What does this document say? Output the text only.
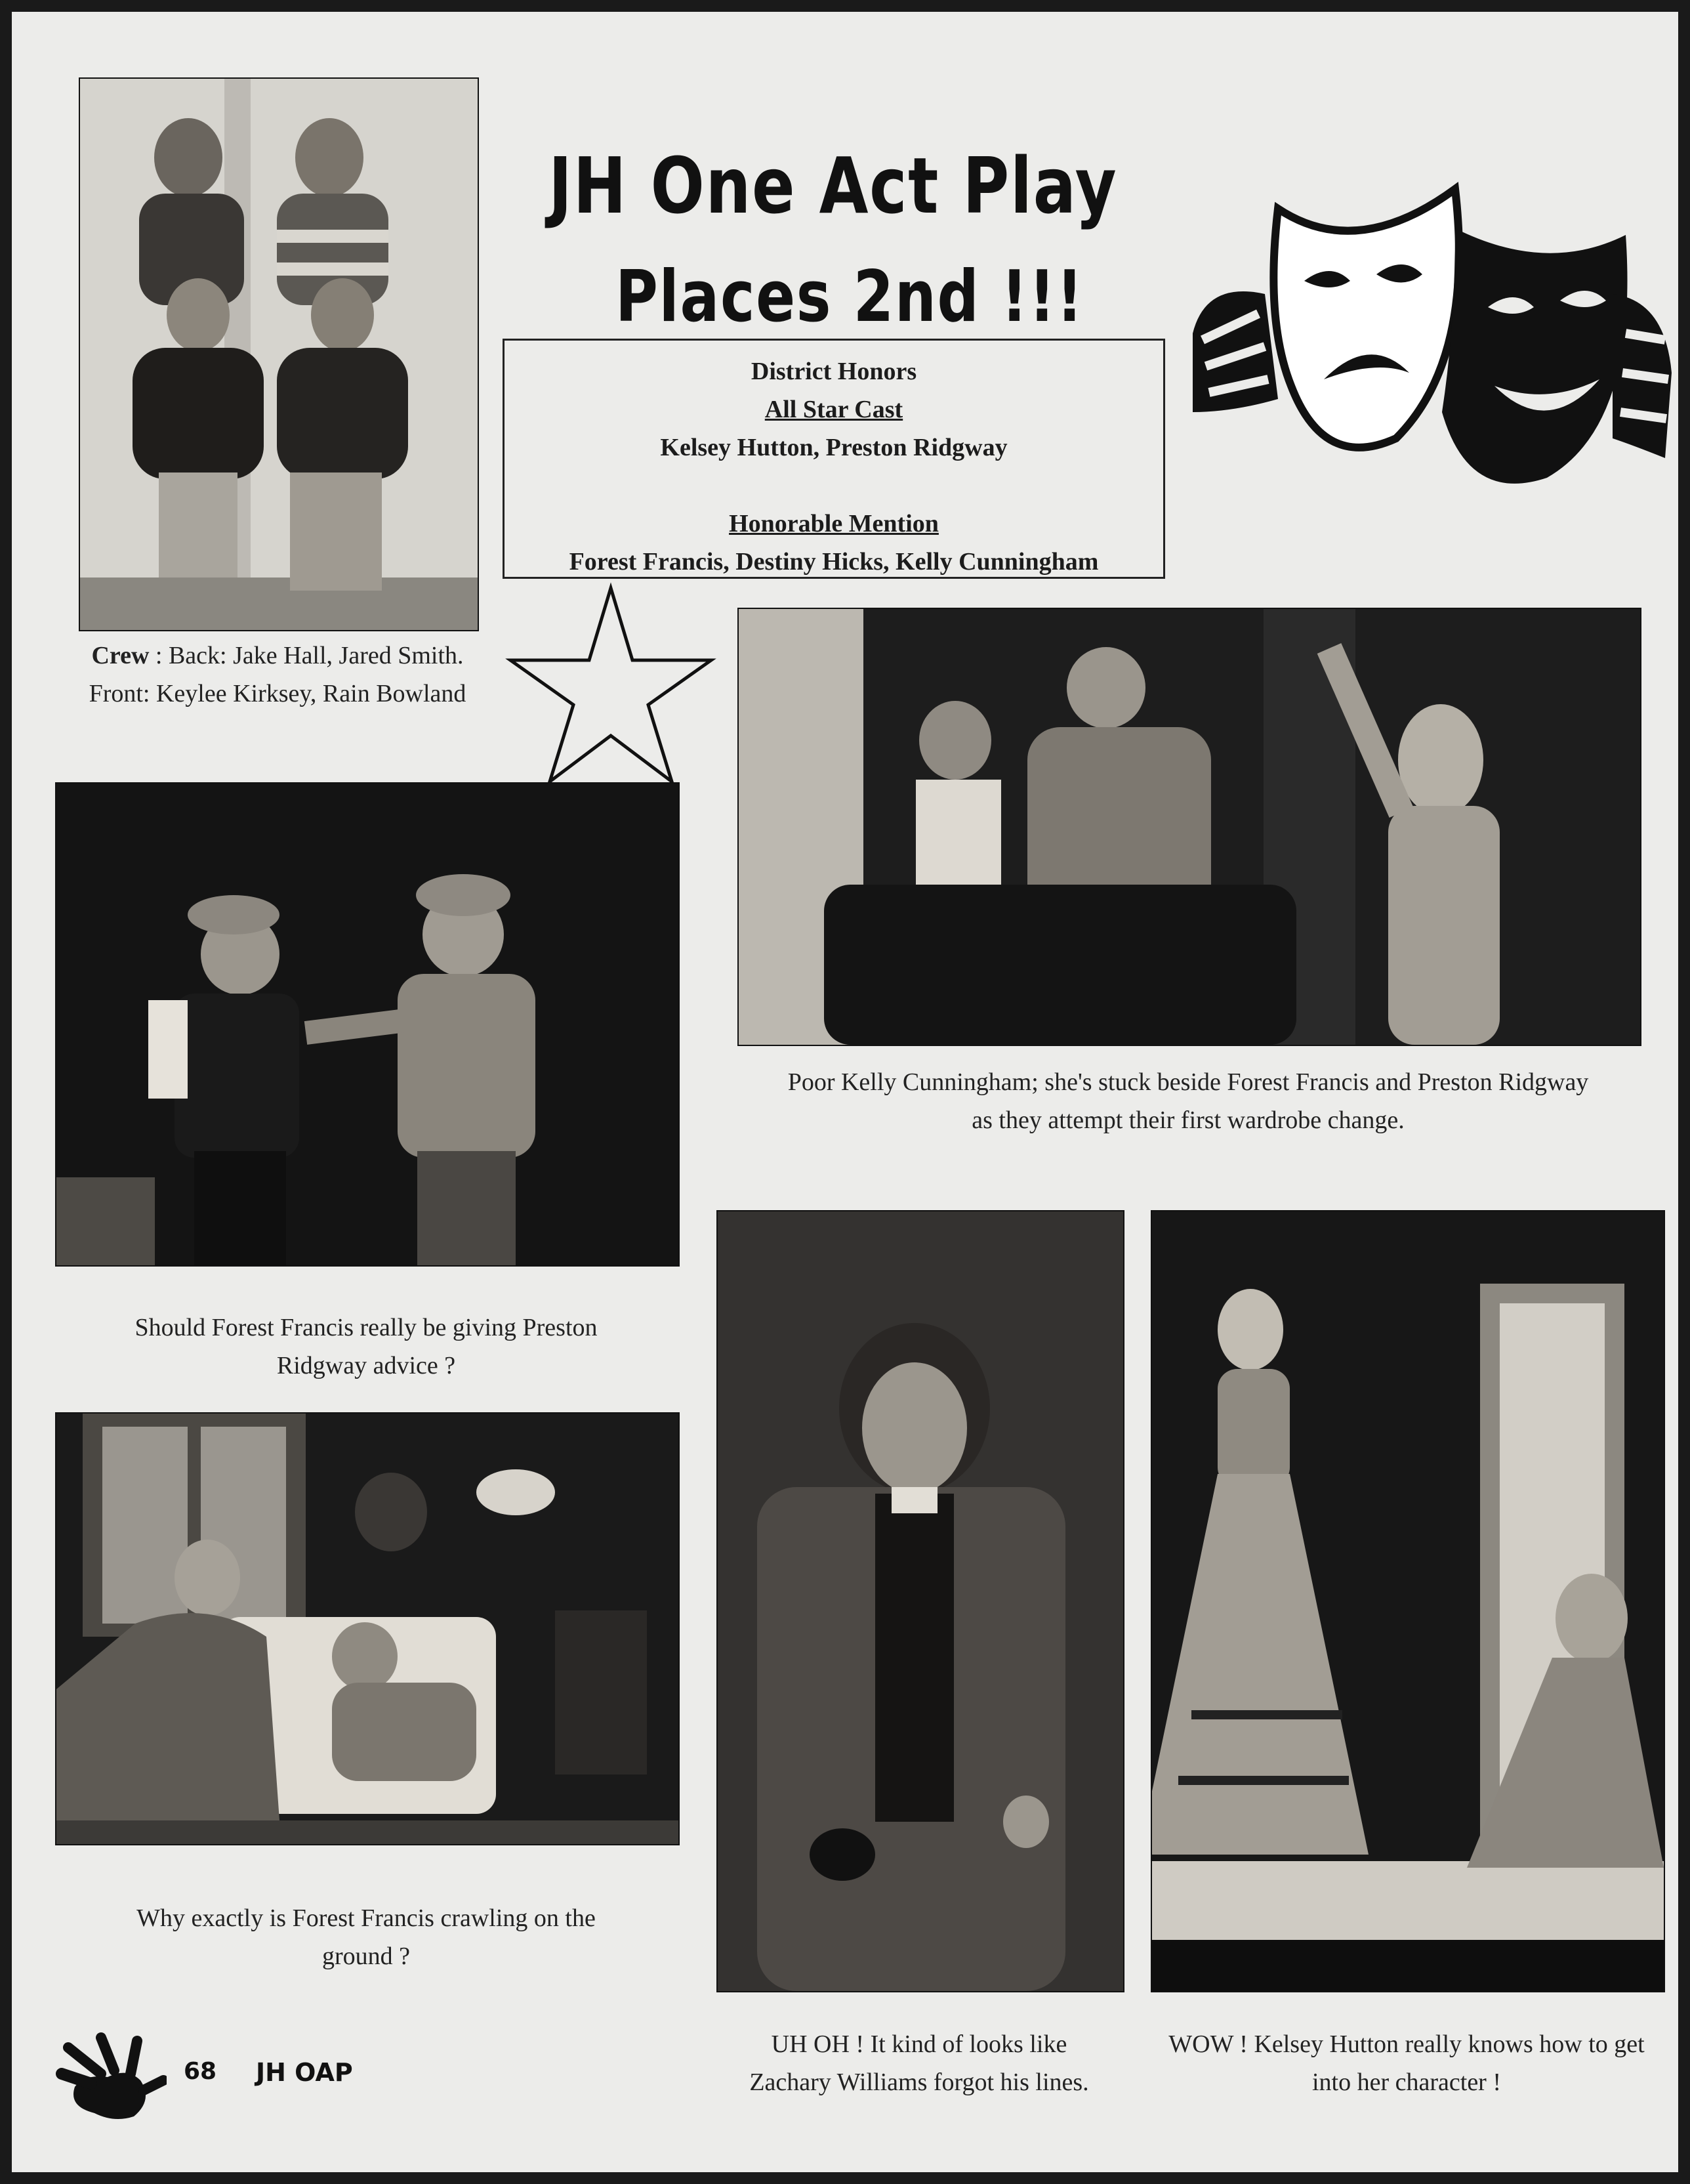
Crew : Back: Jake Hall, Jared Smith. Front: Keylee Kirksey, Rain Bowland
JH One Act Play
Places 2nd !!!
District Honors
All Star Cast
Kelsey Hutton, Preston Ridgway
Honorable Mention
Forest Francis, Destiny Hicks, Kelly Cunningham
Poor Kelly Cunningham; she's stuck beside Forest Francis and Preston Ridgway as they attempt their first wardrobe change.
Should Forest Francis really be giving Preston Ridgway advice ?
Why exactly is Forest Francis crawling on the ground ?
UH OH ! It kind of looks like Zachary Williams forgot his lines.
WOW ! Kelsey Hutton really knows how to get into her character !
68 JH OAP
